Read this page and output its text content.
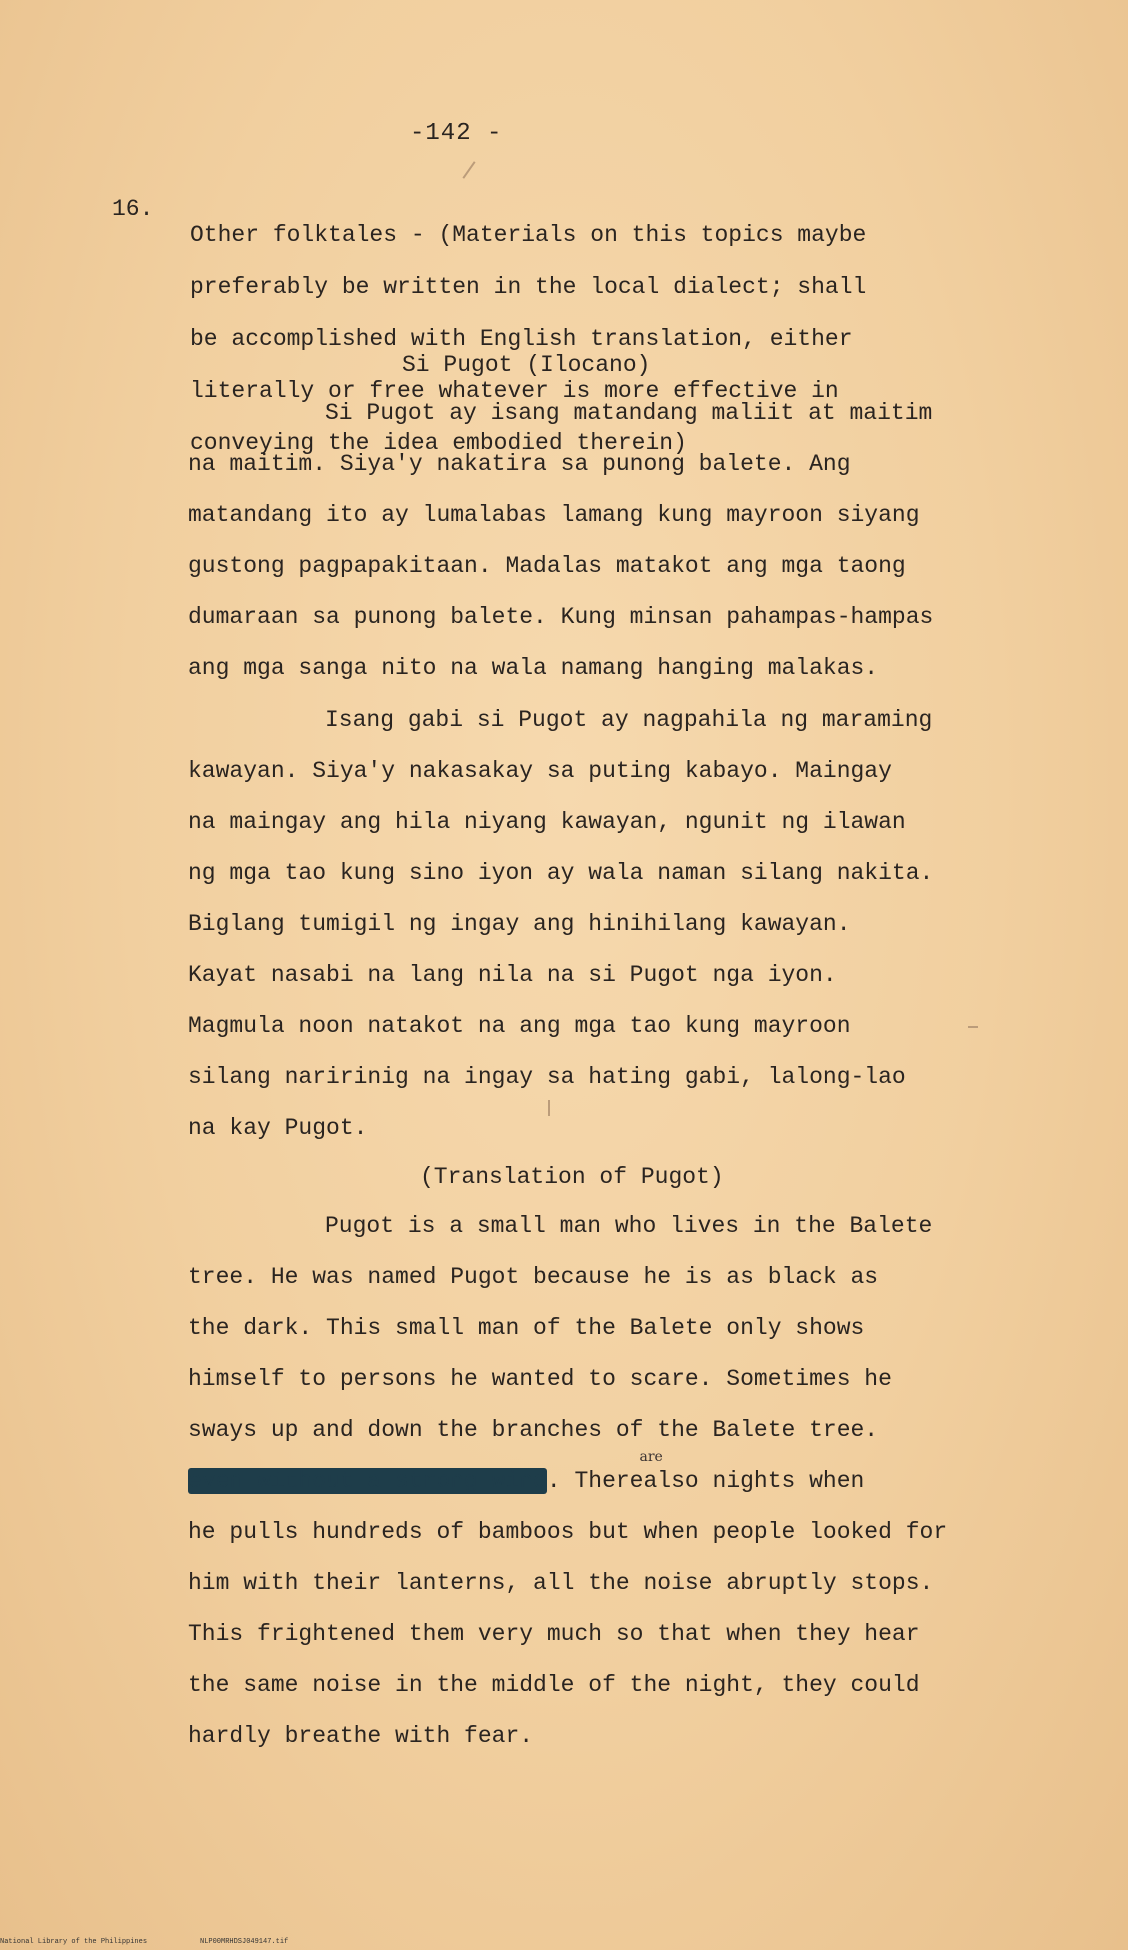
-142 -
16.

Other folktales - (Materials on this topics maybe

preferably be written in the local dialect; shall

be accomplished with English translation, either

literally or free whatever is more effective in

conveying the idea embodied therein)

Si Pugot (Ilocano)
Si Pugot ay isang matandang maliit at maitim
na maitim. Siya'y nakatira sa punong balete. Ang
matandang ito ay lumalabas lamang kung mayroon siyang
gustong pagpapakitaan. Madalas matakot ang mga taong
dumaraan sa punong balete. Kung minsan pahampas-hampas
ang mga sanga nito na wala namang hanging malakas.
Isang gabi si Pugot ay nagpahila ng maraming
kawayan. Siya'y nakasakay sa puting kabayo. Maingay
na maingay ang hila niyang kawayan, ngunit ng ilawan
ng mga tao kung sino iyon ay wala naman silang nakita.
Biglang tumigil ng ingay ang hinihilang kawayan.
Kayat nasabi na lang nila na si Pugot nga iyon.
Magmula noon natakot na ang mga tao kung mayroon
silang naririnig na ingay sa hating gabi, lalong-lao
na kay Pugot.
(Translation of Pugot)
Pugot is a small man who lives in the Balete
tree. He was named Pugot because he is as black as
the dark. This small man of the Balete only shows
himself to persons he wanted to scare. Sometimes he
sways up and down the branches of the Balete tree.
even without a strong wind. There
are
also nights when
he pulls hundreds of bamboos but when people looked for
him with their lanterns, all the noise abruptly stops.
This frightened them very much so that when they hear
the same noise in the middle of the night, they could
hardly breathe with fear.
National Library of the Philippines	NLP00MRHDSJ049147.tif
